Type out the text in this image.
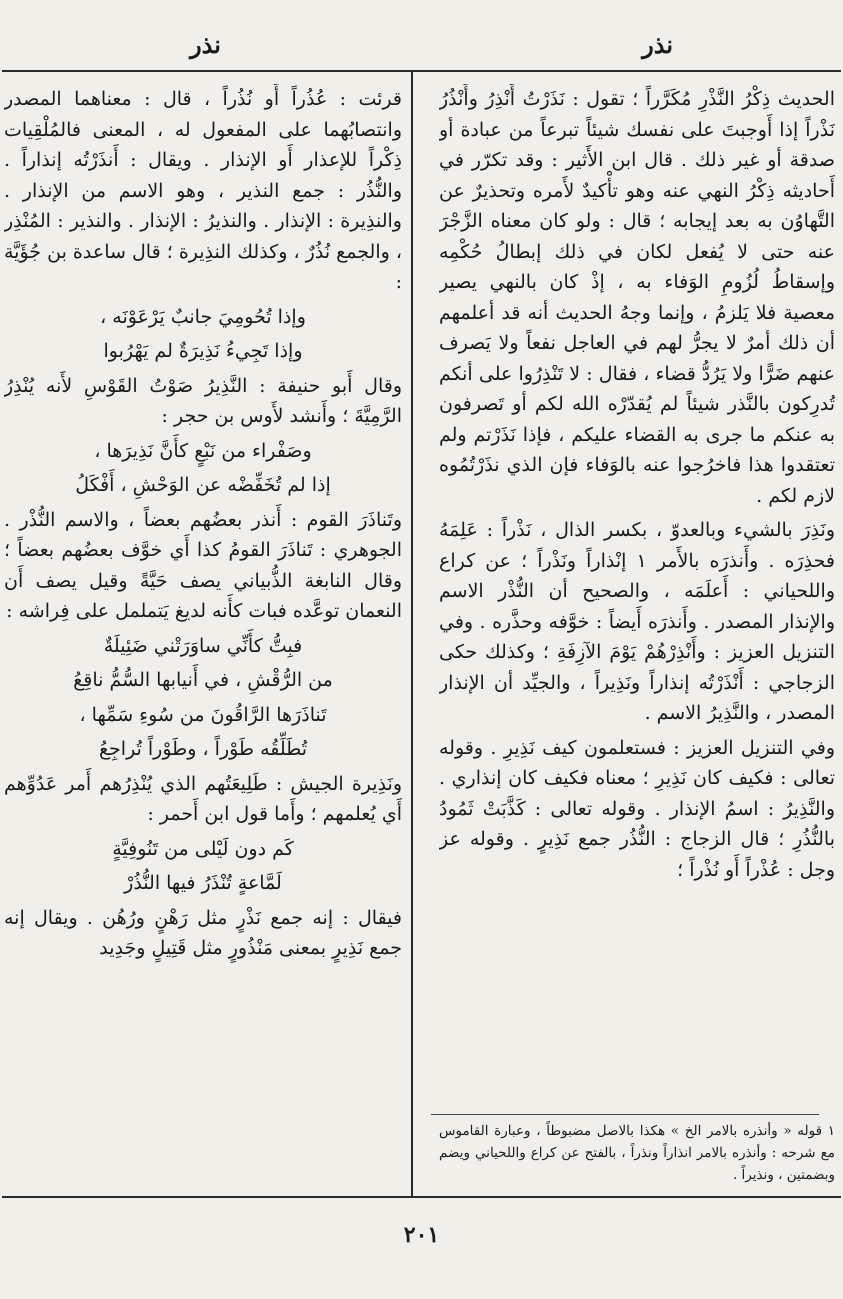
نذر
نذر

الحديث ذِكْرُ النَّذْرِ مُكَرَّراً ؛ تقول : نَذَرْتُ أَنْذِرُ وأَنْذُرُ نَذْراً إذا أَوجبتَ على نفسك شيئاً تبرعاً من عبادة أو صدقة أو غير ذلك . قال ابن الأَثير : وقد تكرّر في أَحاديثه ذِكْرُ النهي عنه وهو تأْكيدٌ لأَمره وتحذيرٌ عن التَّهاوُن به بعد إيجابه ؛ قال : ولو كان معناه الزَّجْرَ عنه حتى لا يُفعل لكان في ذلك إبطالُ حُكْمِه وإسقاطُ لُزُومِ الوَفاء به ، إذْ كان بالنهي يصير معصية فلا يَلزمُ ، وإنما وجهُ الحديث أنه قد أعلمهم أن ذلك أمرٌ لا يجرُّ لهم في العاجل نفعاً ولا يَصرف عنهم ضَرًّا ولا يَرُدُّ قضاء ، فقال : لا تَنْذِرُوا على أنكم تُدرِكون بالنَّذر شيئاً لم يُقدّرْه الله لكم أو تَصرفون به عنكم ما جرى به القضاء عليكم ، فإذا نَذَرْتم ولم تعتقدوا هذا فاخرُجوا عنه بالوَفاء فإن الذي نذَرْتُمُوه لازم لكم .

ونَذِرَ بالشيء وبالعدوّ ، بكسر الذال ، نَذْراً : عَلِمَهُ فحذِرَه . وأَنذرَه بالأَمر ١ إنْذاراً ونَذْراً ؛ عن كراع واللحياني : أَعلَمَه ، والصحيح أن النُّذْر الاسم والإنذار المصدر . وأَنذرَه أَيضاً : خوَّفه وحذَّره . وفي التنزيل العزيز : وأَنْذِرْهُمْ يَوْمَ الآزِفَةِ ؛ وكذلك حكى الزجاجي : أَنْذَرْتُه إنذاراً ونَذِيراً ، والجيِّد أن الإنذار المصدر ، والنَّذِيرُ الاسم .

وفي التنزيل العزيز : فستعلمون كيف نَذِيرِ . وقوله تعالى : فكيف كان نَذِيرِ ؛ معناه فكيف كان إنذاري . والنَّذِيرُ : اسمُ الإنذار . وقوله تعالى : كَذَّبَتْ ثَمُودُ بالنُّذُرِ ؛ قال الزجاج : النُّذُر جمع نَذِيرٍ . وقوله عز وجل : عُذْراً أَو نُذْراً ؛

١ قوله « وأنذره بالامر الخ » هكذا بالاصل مضبوطاً ، وعبارة القاموس مع شرحه : وأنذره بالامر انذاراً ونذراً ، بالفتح عن كراع واللحياني ويضم وبضمتين ، ونذيراً .

قرئت : عُذُراً أَو نُذُراً ، قال : معناهما المصدر وانتصابُهما على المفعول له ، المعنى فالمُلْقِيات ذِكْراً للإعذار أَو الإنذار . ويقال : أَنذَرْتُه إنذاراً . والنُّذُر : جمع النذير ، وهو الاسم من الإنذار . والنذِيرة : الإنذار . والنذيرُ : الإنذار . والنذير : المُنْذِر ، والجمع نُذُرٌ ، وكذلك النذِيرة ؛ قال ساعدة بن جُؤَيَّة :

وإذا تُحُومِيَ جانبٌ يَرْعَوْنَه ،

وإذا تَجِيءُ نَذِيرَةٌ لم يَهْرُبوا

وقال أَبو حنيفة : النَّذِيرُ صَوْتُ القَوْسِ لأَنه يُنْذِرُ الرَّمِيَّةَ ؛ وأَنشد لأَوس بن حجر :

وصَفْراء من نَبْعٍ كأَنَّ نَذِيرَها ،

إذا لم تُخَفِّضْه عن الوَحْشِ ، أَفْكَلُ

وتَناذَرَ القوم : أَنذر بعضُهم بعضاً ، والاسم النُّذْر . الجوهري : تَناذَرَ القومُ كذا أَي خوَّف بعضُهم بعضاً ؛ وقال النابغة الذُّبياني يصف حَيَّةً وقيل يصف أَن النعمان توعَّده فبات كأَنه لديغ يَتململ على فِراشه :

فبِتُّ كأَنِّي ساوَرَتْني ضَئِيلَةٌ

من الرُّقْشِ ، في أَنيابها السُّمُّ ناقِعُ

تَناذَرَها الرَّاقُونَ من سُوءِ سَمِّها ،

تُطَلِّقُه طَوْراً ، وطَوْراً تُراجِعُ

ونَذِيرة الجيش : طَلِيعَتُهم الذي يُنْذِرُهم أَمر عَدُوِّهم أَي يُعلمهم ؛ وأَما قول ابن أَحمر :

كَم دون لَيْلى من تَنُوفِيَّةٍ

لَمَّاعةٍ تُنْذَرُ فيها النُّذُرْ

فيقال : إنه جمع نَذْرٍ مثل رَهْنٍ ورُهُن . ويقال إنه جمع نَذِيرٍ بمعنى مَنْذُورٍ مثل قَتِيلٍ وجَدِيد

٢٠١
